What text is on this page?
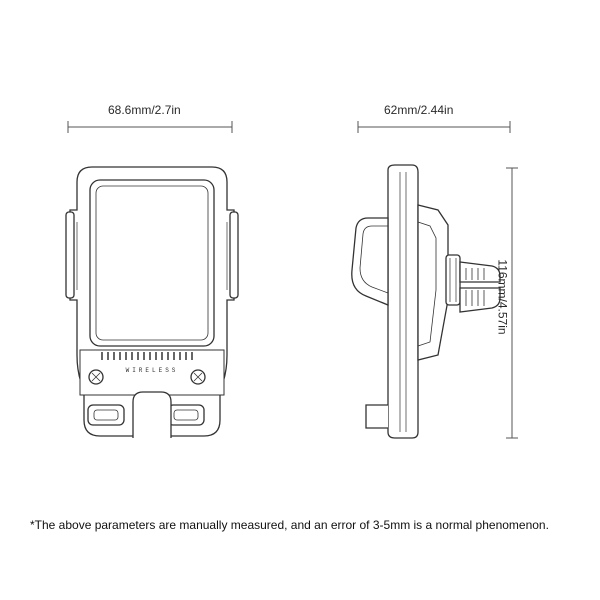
WIRELESS
68.6mm/2.7in	62mm/2.44in
116mm/4.57in
*The above parameters are manually measured, and an error of 3-5mm is a normal phenomenon.
